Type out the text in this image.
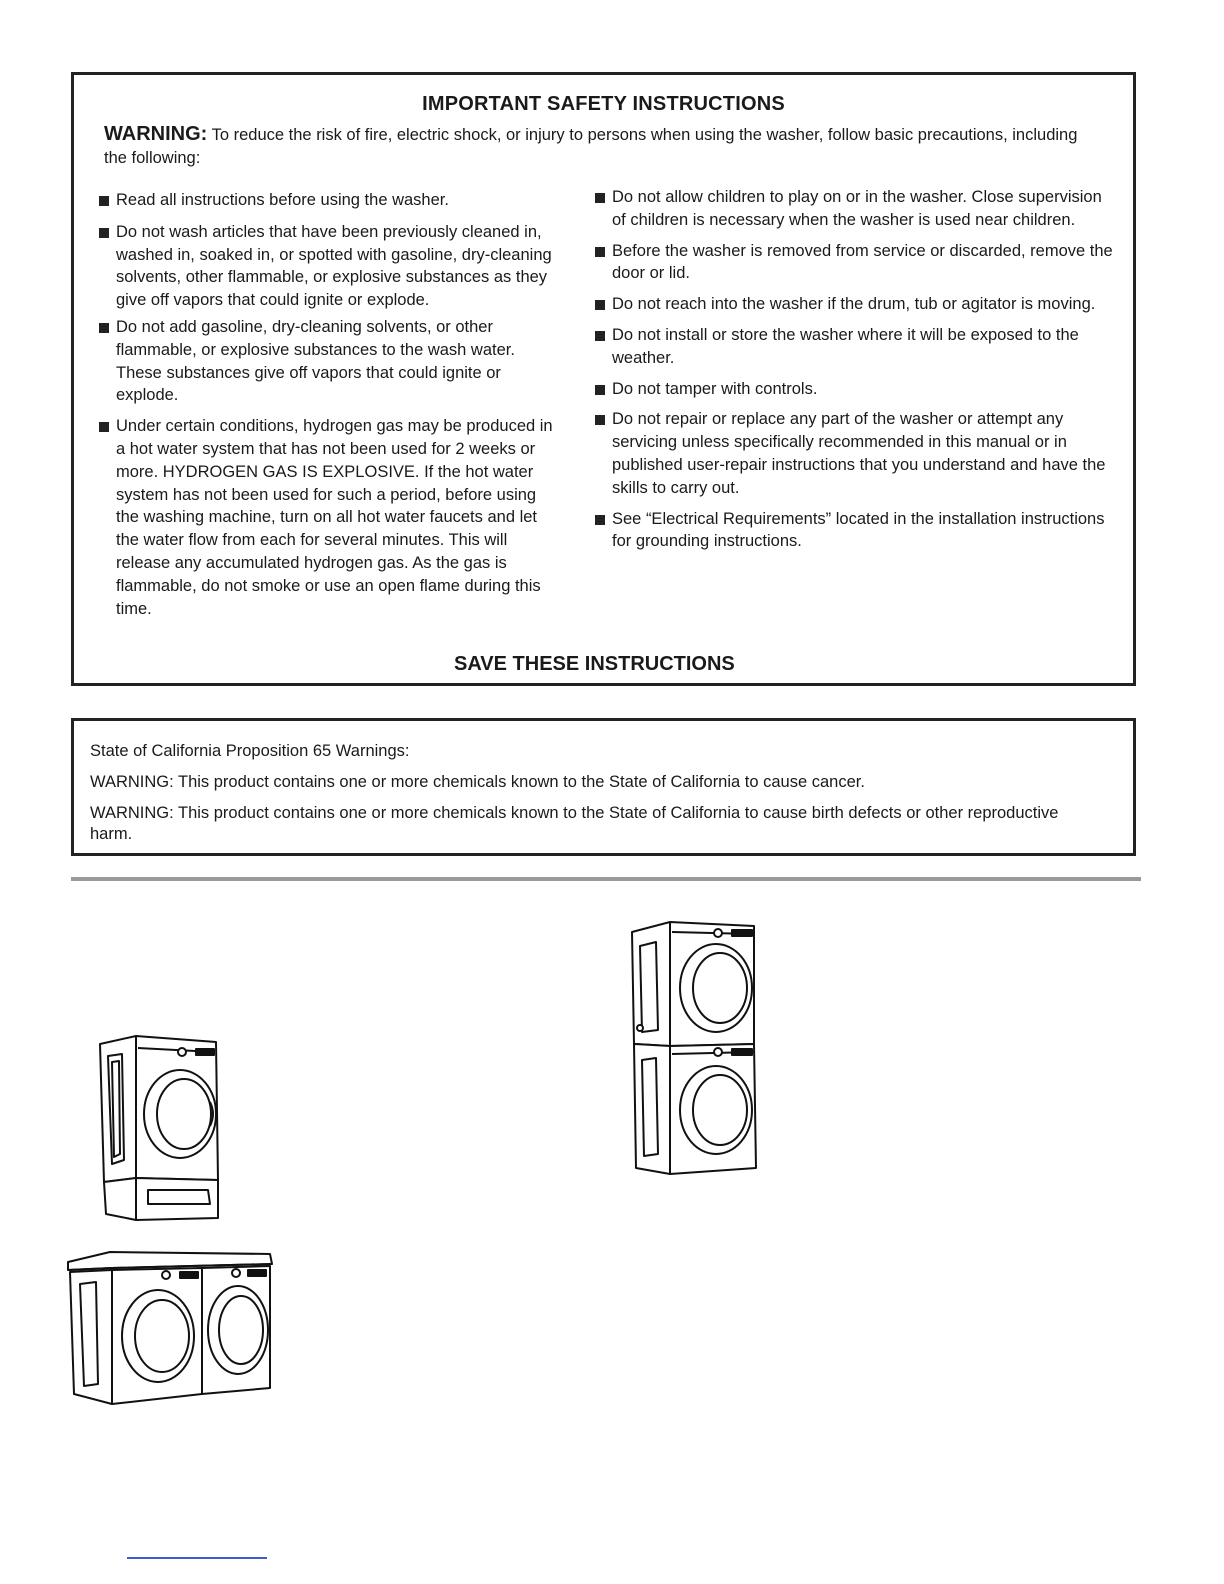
IMPORTANT SAFETY INSTRUCTIONS
WARNING: To reduce the risk of fire, electric shock, or injury to persons when using the washer, follow basic precautions, including the following:
Read all instructions before using the washer.
Do not wash articles that have been previously cleaned in, washed in, soaked in, or spotted with gasoline, dry-cleaning solvents, other flammable, or explosive substances as they give off vapors that could ignite or explode.
Do not add gasoline, dry-cleaning solvents, or other flammable, or explosive substances to the wash water. These substances give off vapors that could ignite or explode.
Under certain conditions, hydrogen gas may be produced in a hot water system that has not been used for 2 weeks or more. HYDROGEN GAS IS EXPLOSIVE. If the hot water system has not been used for such a period, before using the washing machine, turn on all hot water faucets and let the water flow from each for several minutes. This will release any accumulated hydrogen gas. As the gas is flammable, do not smoke or use an open flame during this time.
Do not allow children to play on or in the washer. Close supervision of children is necessary when the washer is used near children.
Before the washer is removed from service or discarded, remove the door or lid.
Do not reach into the washer if the drum, tub or agitator is moving.
Do not install or store the washer where it will be exposed to the weather.
Do not tamper with controls.
Do not repair or replace any part of the washer or attempt any servicing unless specifically recommended in this manual or in published user-repair instructions that you understand and have the skills to carry out.
See “Electrical Requirements” located in the installation instructions for grounding instructions.
SAVE THESE INSTRUCTIONS
State of California Proposition 65 Warnings:
WARNING: This product contains one or more chemicals known to the State of California to cause cancer.
WARNING: This product contains one or more chemicals known to the State of California to cause birth defects or other reproductive harm.
